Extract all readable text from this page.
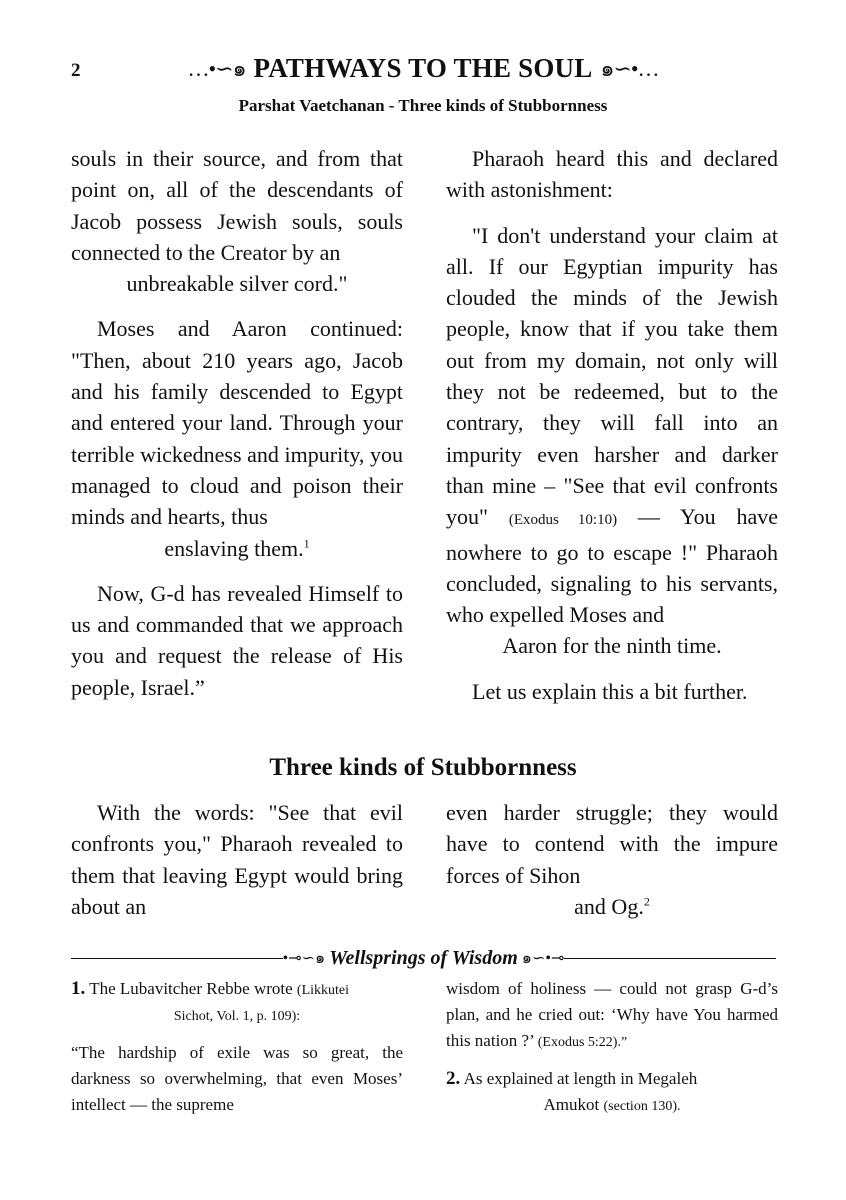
2	…•∽๑ PATHWAYS TO THE SOUL ๑∽•…
Parshat Vaetchanan - Three kinds of Stubbornness

souls in their source, and from that point on, all of the descendants of Jacob possess Jewish souls, souls connected to the Creator by an
unbreakable silver cord."

Moses and Aaron continued: "Then, about 210 years ago, Jacob and his family descended to Egypt and entered your land. Through your terrible wickedness and impurity, you managed to cloud and poison their minds and hearts, thus
enslaving them.$^1$

Now, G-d has revealed Himself to us and commanded that we approach you and request the release of His people, Israel.”

Pharaoh heard this and declared with astonishment:

"I don't understand your claim at all. If our Egyptian impurity has clouded the minds of the Jewish people, know that if you take them out from my domain, not only will they not be redeemed, but to the contrary, they will fall into an impurity even harsher and darker than mine – "See that evil confronts you" (Exodus 10:10) — You have nowhere to go to escape !" Pharaoh concluded, signaling to his servants, who expelled Moses and
Aaron for the ninth time.

Let us explain this a bit further.

Three kinds of Stubbornness

With the words: "See that evil confronts you," Pharaoh revealed to them that leaving Egypt would bring about an

even harder struggle; they would have to contend with the impure forces of Sihon
and Og.$^2$

•⊸∽๑ Wellsprings of Wisdom ๑∽•⊸

1. The Lubavitcher Rebbe wrote (Likkutei
Sichot, Vol. 1, p. 109):

“The hardship of exile was so great, the darkness so overwhelming, that even Moses’ intellect — the supreme

wisdom of holiness — could not grasp G-d’s plan, and he cried out: ‘Why have You harmed this nation ?’ (Exodus 5:22).”

2. As explained at length in Megaleh
Amukot (section 130).
